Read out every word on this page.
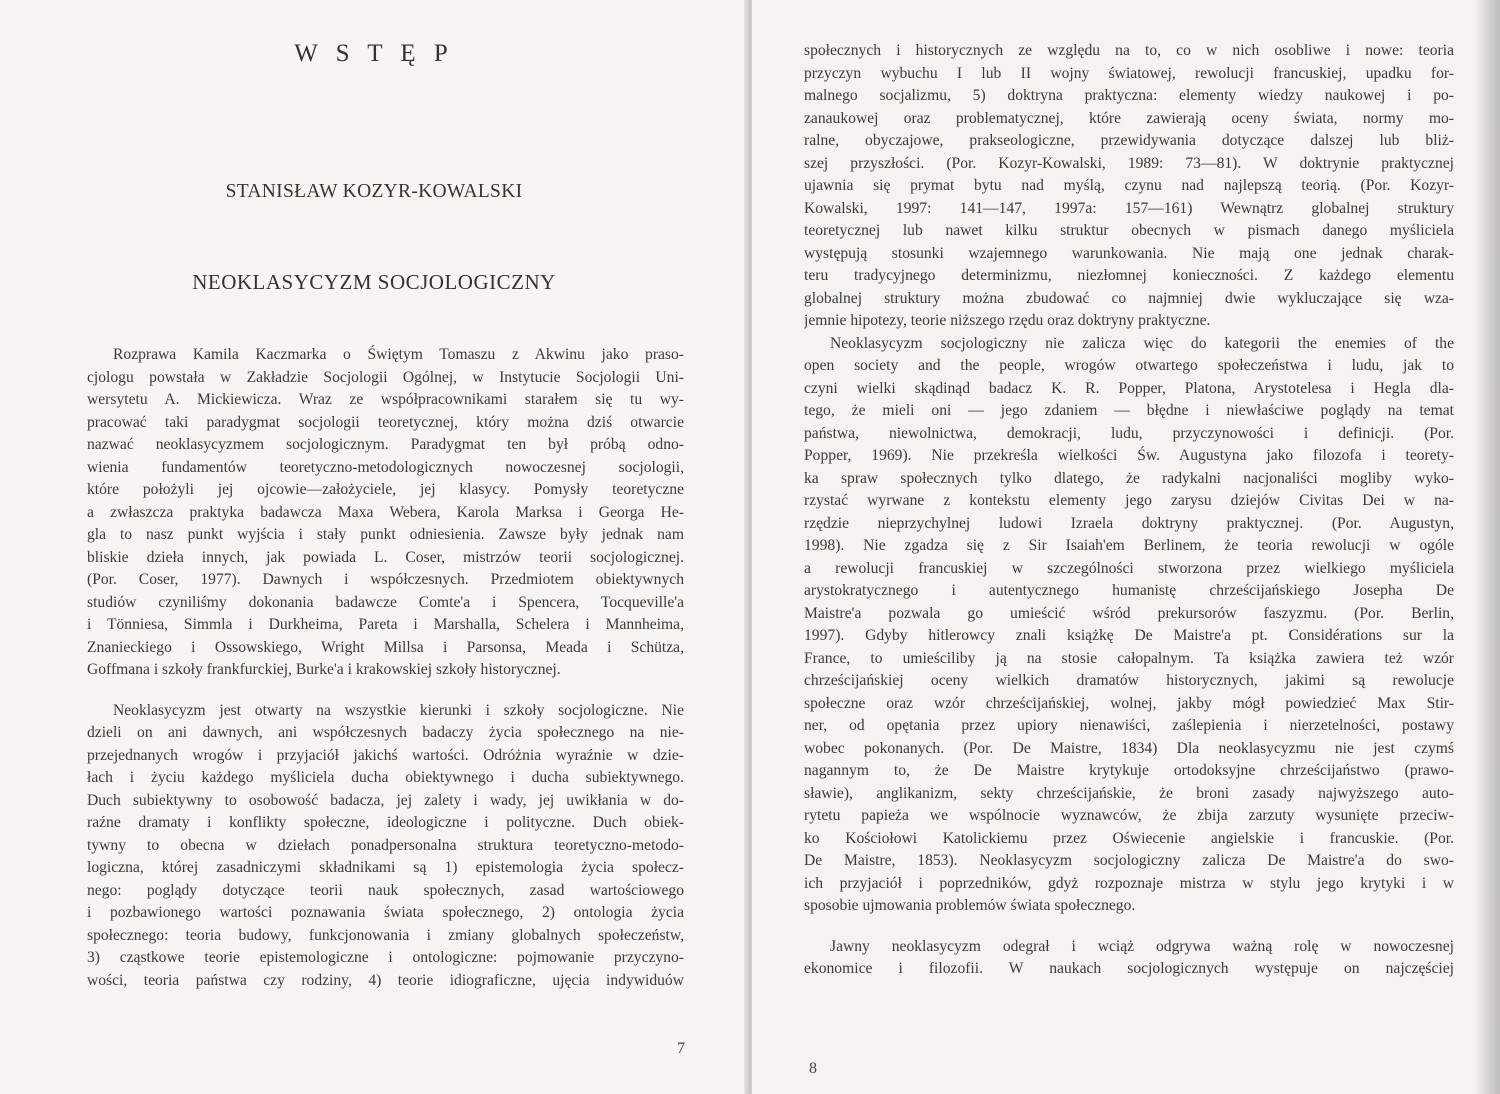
W S T Ę P
STANISŁAW KOZYR-KOWALSKI
NEOKLASYCYZM SOCJOLOGICZNY
Rozprawa Kamila Kaczmarka o Świętym Tomaszu z Akwinu jako praso-
cjologu powstała w Zakładzie Socjologii Ogólnej, w Instytucie Socjologii Uni-
wersytetu A. Mickiewicza. Wraz ze współpracownikami starałem się tu wy-
pracować taki paradygmat socjologii teoretycznej, który można dziś otwarcie
nazwać neoklasycyzmem socjologicznym. Paradygmat ten był próbą odno-
wienia fundamentów teoretyczno-metodologicznych nowoczesnej socjologii,
które położyli jej ojcowie—założyciele, jej klasycy. Pomysły teoretyczne
a zwłaszcza praktyka badawcza Maxa Webera, Karola Marksa i Georga He-
gla to nasz punkt wyjścia i stały punkt odniesienia. Zawsze były jednak nam
bliskie dzieła innych, jak powiada L. Coser, mistrzów teorii socjologicznej.
(Por. Coser, 1977). Dawnych i współczesnych. Przedmiotem obiektywnych
studiów czyniliśmy dokonania badawcze Comte'a i Spencera, Tocqueville'a
i Tönniesa, Simmla i Durkheima, Pareta i Marshalla, Schelera i Mannheima,
Znanieckiego i Ossowskiego, Wright Millsa i Parsonsa, Meada i Schütza,
Goffmana i szkoły frankfurckiej, Burke'a i krakowskiej szkoły historycznej.
Neoklasycyzm jest otwarty na wszystkie kierunki i szkoły socjologiczne. Nie
dzieli on ani dawnych, ani współczesnych badaczy życia społecznego na nie-
przejednanych wrogów i przyjaciół jakichś wartości. Odróżnia wyraźnie w dzie-
łach i życiu każdego myśliciela ducha obiektywnego i ducha subiektywnego.
Duch subiektywny to osobowość badacza, jej zalety i wady, jej uwikłania w do-
raźne dramaty i konflikty społeczne, ideologiczne i polityczne. Duch obiek-
tywny to obecna w dziełach ponadpersonalna struktura teoretyczno-metodo-
logiczna, której zasadniczymi składnikami są 1) epistemologia życia społecz-
nego: poglądy dotyczące teorii nauk społecznych, zasad wartościowego
i pozbawionego wartości poznawania świata społecznego, 2) ontologia życia
społecznego: teoria budowy, funkcjonowania i zmiany globalnych społeczeństw,
3) cząstkowe teorie epistemologiczne i ontologiczne: pojmowanie przyczyno-
wości, teoria państwa czy rodziny, 4) teorie idiograficzne, ujęcia indywiduów
7
społecznych i historycznych ze względu na to, co w nich osobliwe i nowe: teoria
przyczyn wybuchu I lub II wojny światowej, rewolucji francuskiej, upadku for-
malnego socjalizmu, 5) doktryna praktyczna: elementy wiedzy naukowej i po-
zanaukowej oraz problematycznej, które zawierają oceny świata, normy mo-
ralne, obyczajowe, prakseologiczne, przewidywania dotyczące dalszej lub bliż-
szej przyszłości. (Por. Kozyr-Kowalski, 1989: 73—81). W doktrynie praktycznej
ujawnia się prymat bytu nad myślą, czynu nad najlepszą teorią. (Por. Kozyr-
Kowalski, 1997: 141—147, 1997a: 157—161) Wewnątrz globalnej struktury
teoretycznej lub nawet kilku struktur obecnych w pismach danego myśliciela
występują stosunki wzajemnego warunkowania. Nie mają one jednak charak-
teru tradycyjnego determinizmu, niezłomnej konieczności. Z każdego elementu
globalnej struktury można zbudować co najmniej dwie wykluczające się wza-
jemnie hipotezy, teorie niższego rzędu oraz doktryny praktyczne.
Neoklasycyzm socjologiczny nie zalicza więc do kategorii the enemies of the
open society and the people, wrogów otwartego społeczeństwa i ludu, jak to
czyni wielki skądinąd badacz K. R. Popper, Platona, Arystotelesa i Hegla dla-
tego, że mieli oni — jego zdaniem — błędne i niewłaściwe poglądy na temat
państwa, niewolnictwa, demokracji, ludu, przyczynowości i definicji. (Por.
Popper, 1969). Nie przekreśla wielkości Św. Augustyna jako filozofa i teorety-
ka spraw społecznych tylko dlatego, że radykalni nacjonaliści mogliby wyko-
rzystać wyrwane z kontekstu elementy jego zarysu dziejów Civitas Dei w na-
rzędzie nieprzychylnej ludowi Izraela doktryny praktycznej. (Por. Augustyn,
1998). Nie zgadza się z Sir Isaiah'em Berlinem, że teoria rewolucji w ogóle
a rewolucji francuskiej w szczególności stworzona przez wielkiego myśliciela
arystokratycznego i autentycznego humanistę chrześcijańskiego Josepha De
Maistre'a pozwala go umieścić wśród prekursorów faszyzmu. (Por. Berlin,
1997). Gdyby hitlerowcy znali książkę De Maistre'a pt. Considérations sur la
France, to umieściliby ją na stosie całopalnym. Ta książka zawiera też wzór
chrześcijańskiej oceny wielkich dramatów historycznych, jakimi są rewolucje
społeczne oraz wzór chrześcijańskiej, wolnej, jakby mógł powiedzieć Max Stir-
ner, od opętania przez upiory nienawiści, zaślepienia i nierzetelności, postawy
wobec pokonanych. (Por. De Maistre, 1834) Dla neoklasycyzmu nie jest czymś
nagannym to, że De Maistre krytykuje ortodoksyjne chrześcijaństwo (prawo-
sławie), anglikanizm, sekty chrześcijańskie, że broni zasady najwyższego auto-
rytetu papieża we wspólnocie wyznawców, że zbija zarzuty wysunięte przeciw-
ko Kościołowi Katolickiemu przez Oświecenie angielskie i francuskie. (Por.
De Maistre, 1853). Neoklasycyzm socjologiczny zalicza De Maistre'a do swo-
ich przyjaciół i poprzedników, gdyż rozpoznaje mistrza w stylu jego krytyki i w
sposobie ujmowania problemów świata społecznego.
Jawny neoklasycyzm odegrał i wciąż odgrywa ważną rolę w nowoczesnej
ekonomice i filozofii. W naukach socjologicznych występuje on najczęściej
8
